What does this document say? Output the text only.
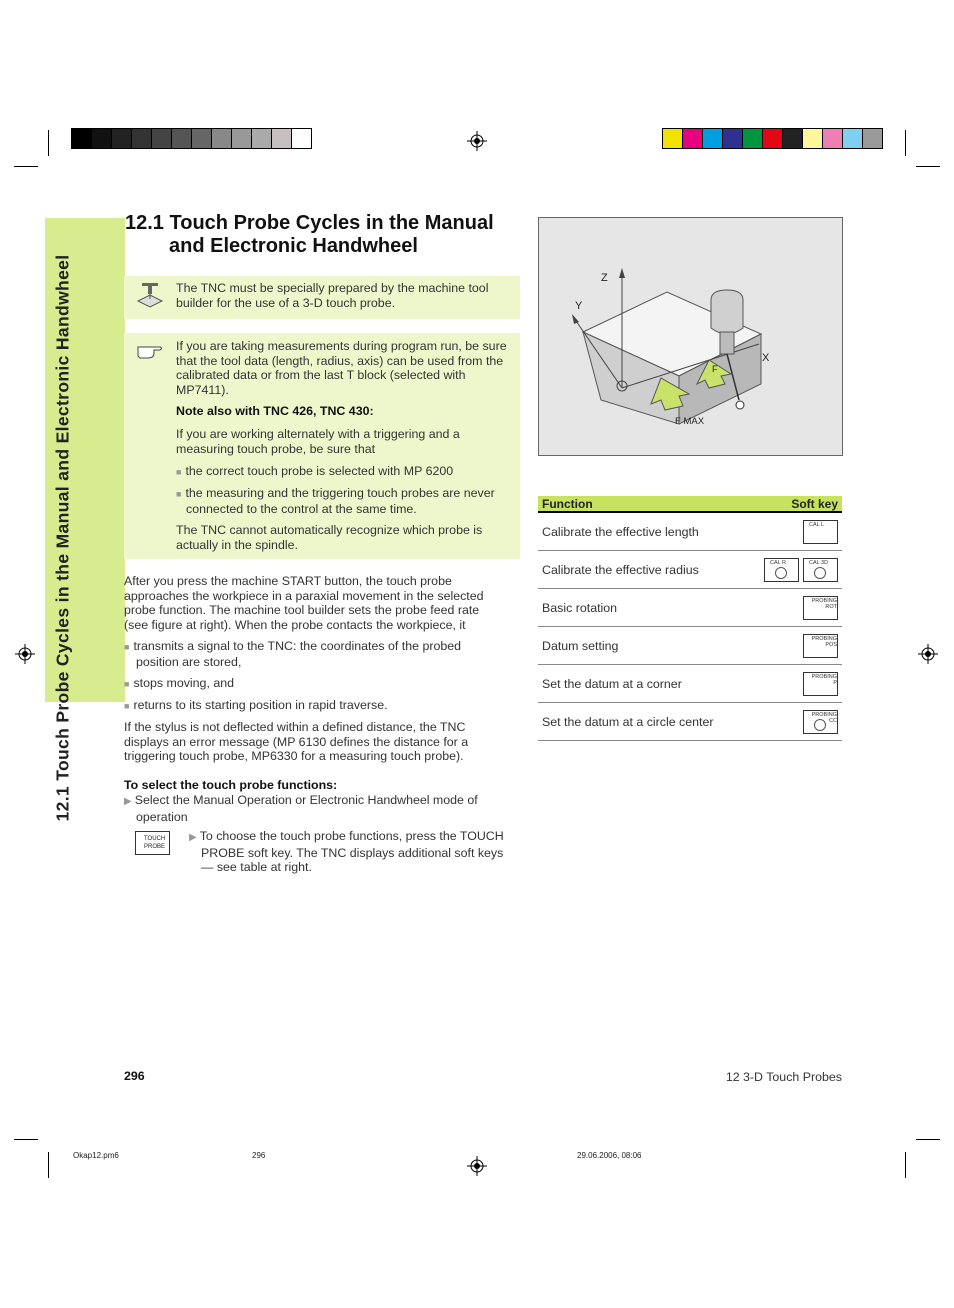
12.1 Touch Probe Cycles in the Manual and Electronic Handwheel
12.1 Touch Probe Cycles in the Manual
and Electronic Handwheel
The TNC must be specially prepared by the machine tool builder for the use of a 3-D touch probe.
If you are taking measurements during program run, be sure that the tool data (length, radius, axis) can be used from the calibrated data or from the last T block (selected with MP7411).
Note also with TNC 426, TNC 430:
If you are working alternately with a triggering and a measuring touch probe, be sure that
■ the correct touch probe is selected with MP 6200
■ the measuring and the triggering touch probes are never connected to the control at the same time.
The TNC cannot automatically recognize which probe is actually in the spindle.
After you press the machine START button, the touch probe approaches the workpiece in a paraxial movement in the selected probe function. The machine tool builder sets the probe feed rate (see figure at right). When the probe contacts the workpiece, it
■ transmits a signal to the TNC: the coordinates of the probed position are stored,
■ stops moving, and
■ returns to its starting position in rapid traverse.
If the stylus is not deflected within a defined distance, the TNC displays an error message (MP 6130 defines the distance for a triggering touch probe, MP6330 for a measuring touch probe).
To select the touch probe functions:
▶ Select the Manual Operation or Electronic Handwheel mode of operation
TOUCH
PROBE
▶ To choose the touch probe functions, press the TOUCH PROBE soft key. The TNC displays additional soft keys — see table at right.
Z
Y
X
F
F MAX
Function	Soft key
Calibrate the effective length	CAL L

Calibrate the effective radius	CAL R CAL 3D

Basic rotation	PROBING ROT

Datum setting	PROBING POS

Set the datum at a corner	PROBING P

Set the datum at a circle center	PROBING CC
296	12 3-D Touch Probes
Okap12.pm6	296	29.06.2006, 08:06
